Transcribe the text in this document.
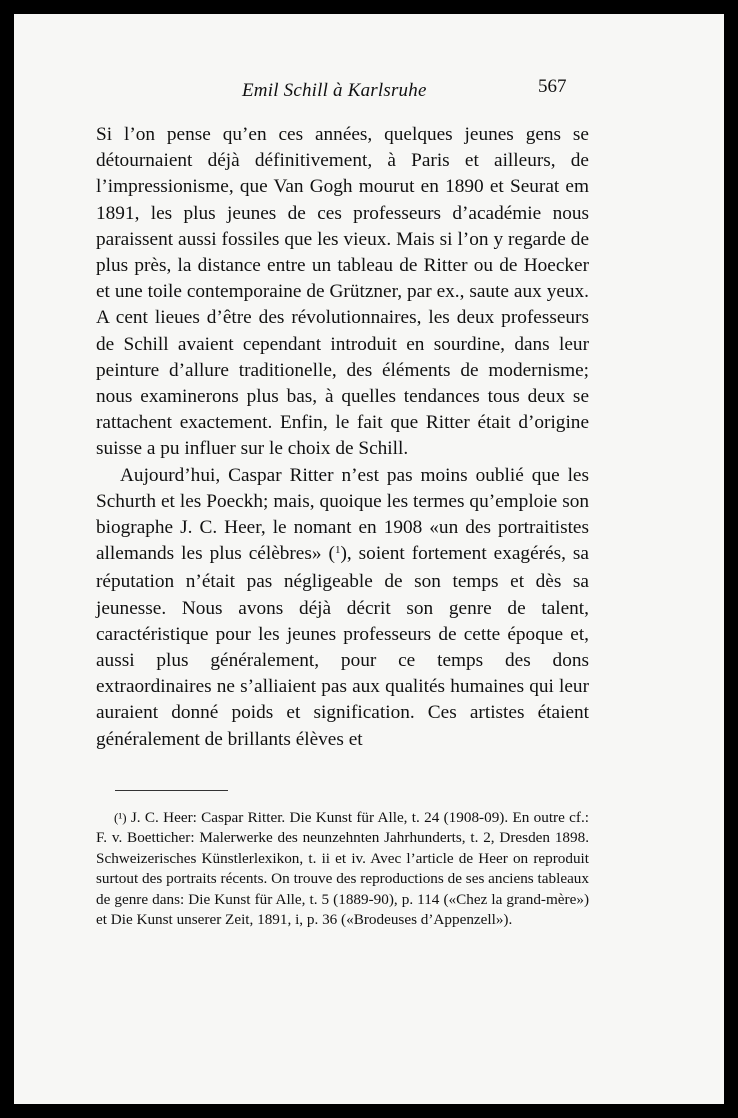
Emil Schill à Karlsruhe	567

Si l’on pense qu’en ces années, quelques jeunes gens se détournaient déjà définitivement, à Paris et ailleurs, de l’impressionisme, que Van Gogh mourut en 1890 et Seurat em 1891, les plus jeunes de ces professeurs d’académie nous paraissent aussi fossiles que les vieux. Mais si l’on y regarde de plus près, la distance entre un tableau de Ritter ou de Hoecker et une toile contemporaine de Grützner, par ex., saute aux yeux. A cent lieues d’être des révolutionnaires, les deux professeurs de Schill avaient cependant introduit en sourdine, dans leur peinture d’allure traditionelle, des éléments de modernisme; nous examinerons plus bas, à quelles tendances tous deux se rattachent exactement. Enfin, le fait que Ritter était d’origine suisse a pu influer sur le choix de Schill.

Aujourd’hui, Caspar Ritter n’est pas moins oublié que les Schurth et les Poeckh; mais, quoique les termes qu’emploie son biographe J. C. Heer, le nomant en 1908 «un des portraitistes allemands les plus célèbres» ($^1$), soient fortement exagérés, sa réputation n’était pas négligeable de son temps et dès sa jeunesse. Nous avons déjà décrit son genre de talent, caractéristique pour les jeunes professeurs de cette époque et, aussi plus généralement, pour ce temps des dons extraordinaires ne s’alliaient pas aux qualités humaines qui leur auraient donné poids et signification. Ces artistes étaient généralement de brillants élèves et

(¹) J. C. Heer: Caspar Ritter. Die Kunst für Alle, t. 24 (1908-09). En outre cf.: F. v. Boetticher: Malerwerke des neunzehnten Jahrhunderts, t. 2, Dresden 1898. Schweizerisches Künstlerlexikon, t. ii et iv. Avec l’article de Heer on reproduit surtout des portraits récents. On trouve des reproductions de ses anciens tableaux de genre dans: Die Kunst für Alle, t. 5 (1889-90), p. 114 («Chez la grand-mère») et Die Kunst unserer Zeit, 1891, i, p. 36 («Brodeuses d’Appenzell»).
